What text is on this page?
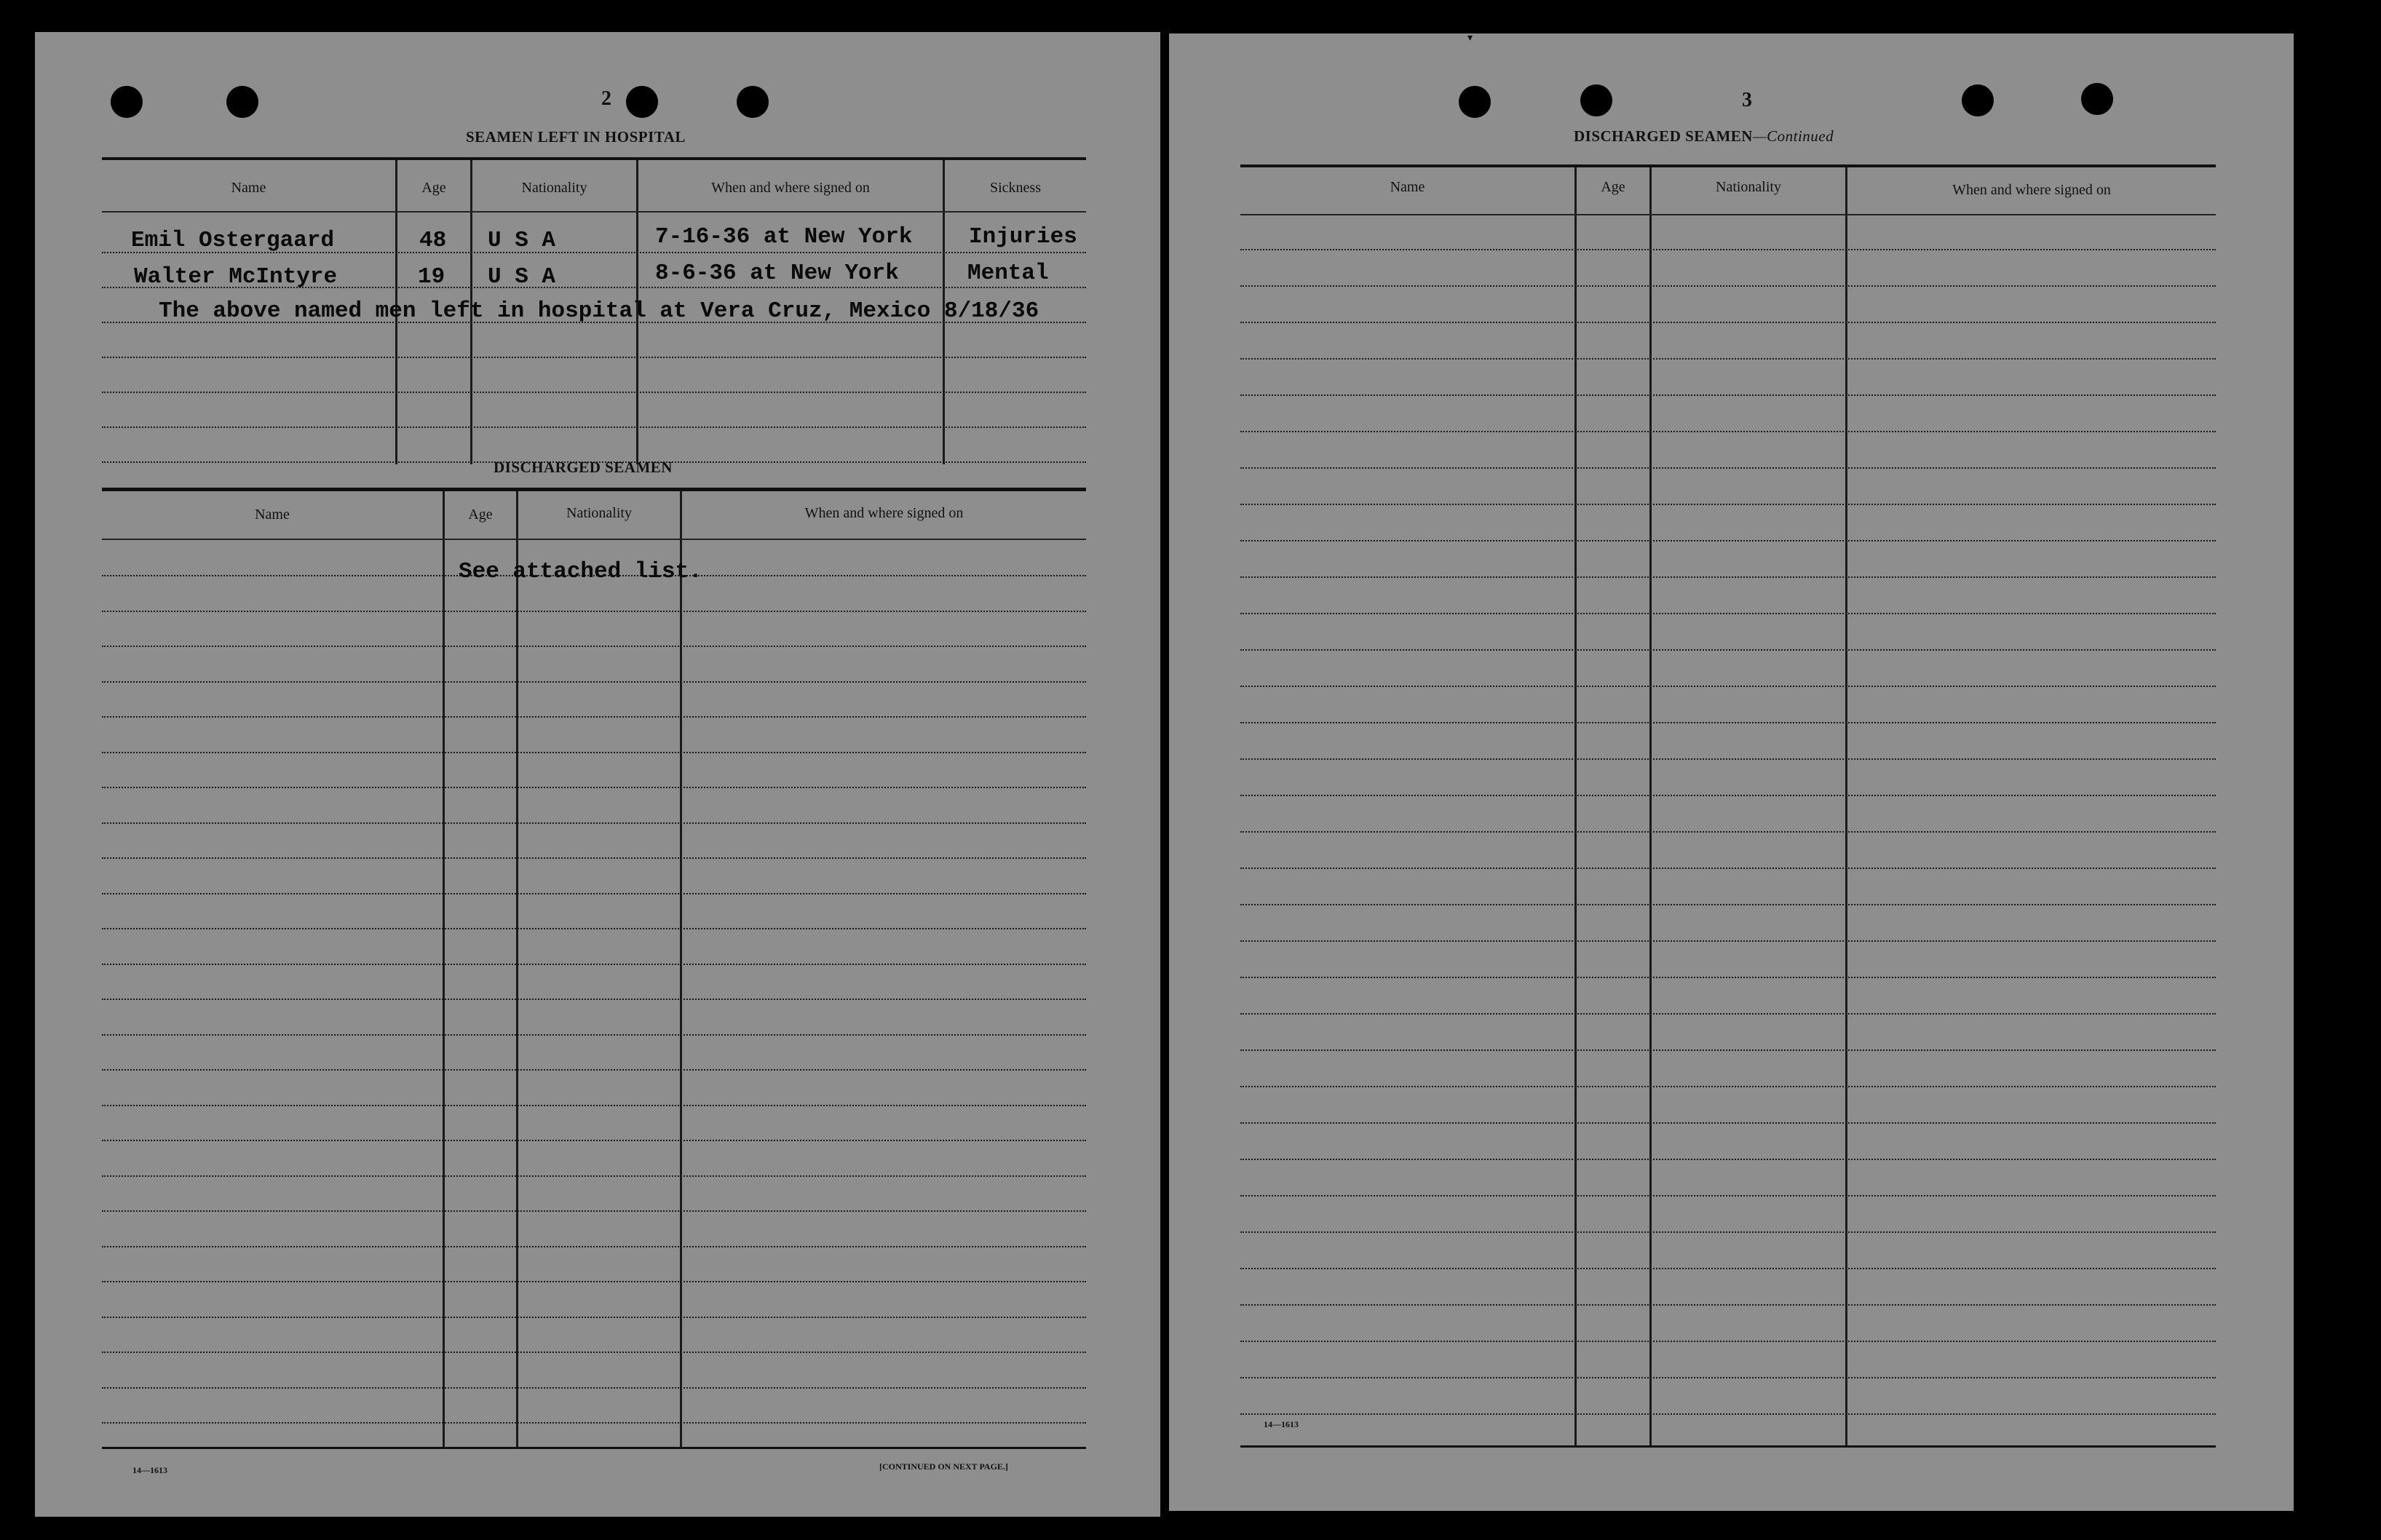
2
SEAMEN LEFT IN HOSPITAL
Name	Age	Nationality	When and where signed on	Sickness
Emil Ostergaard	48 U S A	7-16-36 at New York	Injuries
Walter McIntyre	19 U S A	8-6-36 at New York	Mental
The above named men left in hospital at Vera Cruz, Mexico 8/18/36
DISCHARGED SEAMEN
Name	Age	Nationality	When and where signed on
See attached list.
14—1613	[CONTINUED ON NEXT PAGE.]
▾
3
DISCHARGED SEAMEN—Continued
Name	Age	Nationality	When and where signed on
14—1613
